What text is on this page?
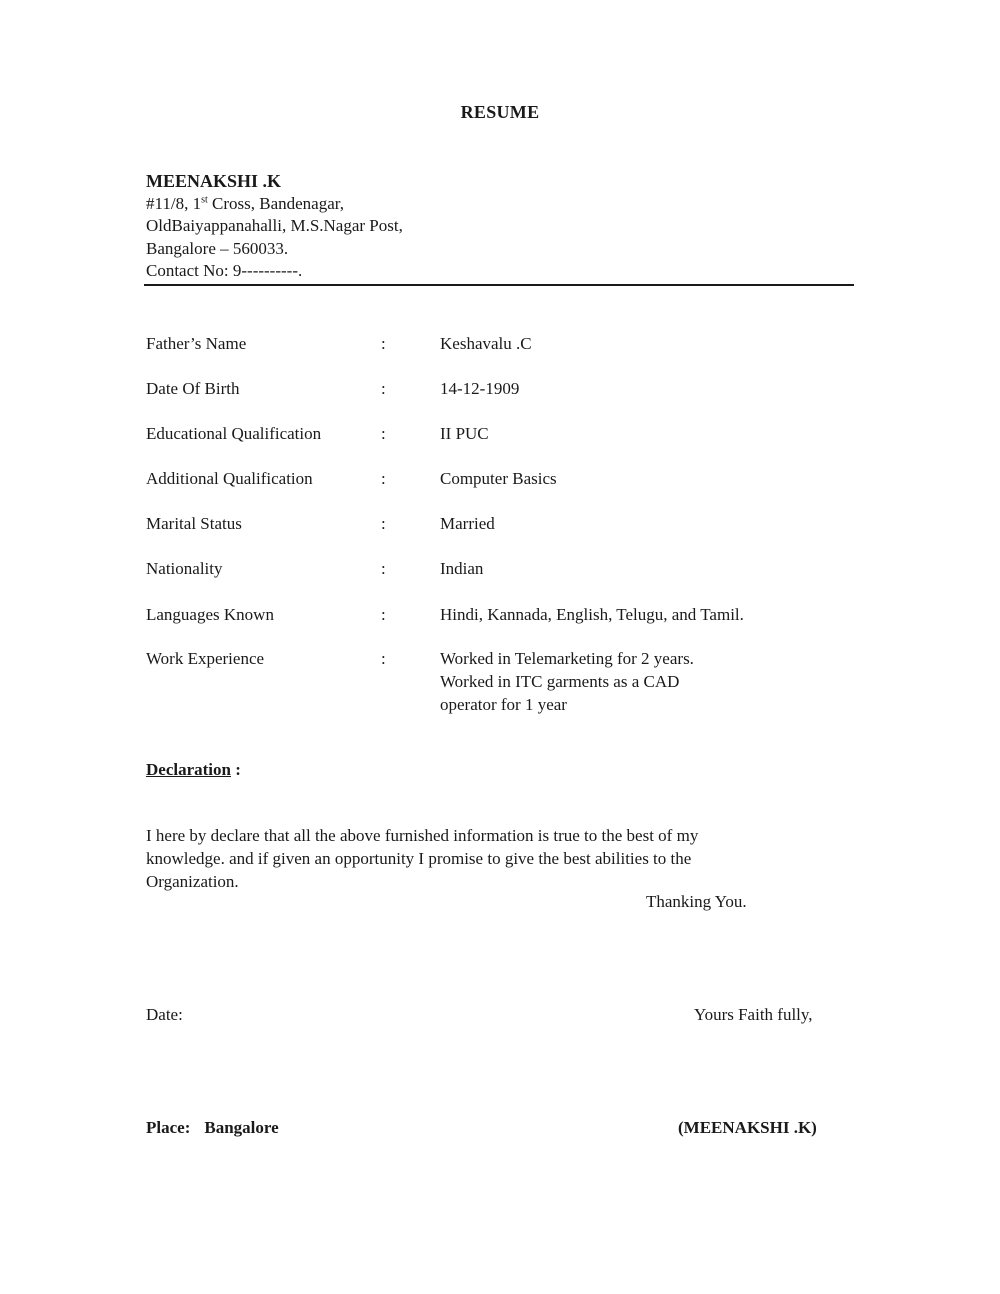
RESUME
MEENAKSHI .K
#11/8, 1st Cross, Bandenagar,
OldBaiyappanahalli, M.S.Nagar Post,
Bangalore – 560033.
Contact No: 9----------.
Father’s Name	:	Keshavalu .C
Date Of Birth	:	14-12-1909
Educational Qualification	:	II PUC
Additional Qualification	:	Computer Basics
Marital Status	:	Married
Nationality	:	Indian
Languages Known	:	Hindi, Kannada, English, Telugu, and Tamil.
Work Experience	:	Worked in Telemarketing for 2 years.
Worked in ITC garments as a CAD
operator for 1 year
Declaration :
I here by declare that all the above furnished information is true to the best of my
knowledge. and if given an opportunity I promise to give the best abilities to the
Organization.
Thanking You.
Date:	Yours Faith fully,
Place: Bangalore	(MEENAKSHI .K)
